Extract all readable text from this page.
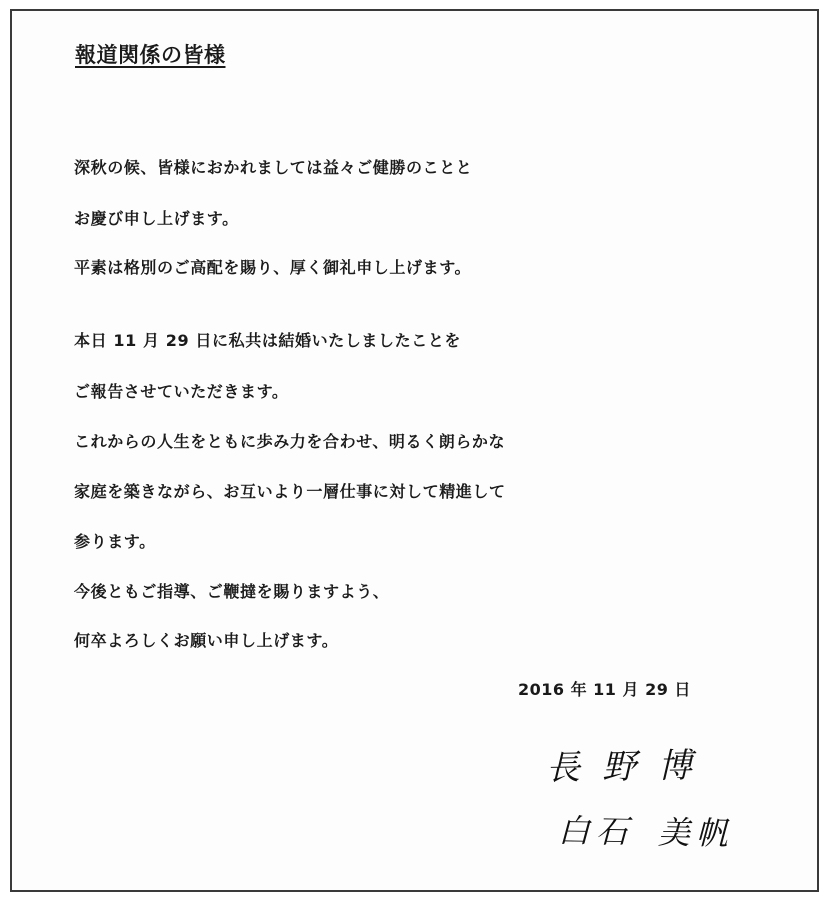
報道関係の皆様

深秋の候、皆様におかれましては益々ご健勝のことと

お慶び申し上げます。

平素は格別のご高配を賜り、厚く御礼申し上げます。

本日 11 月 29 日に私共は結婚いたしましたことを

ご報告させていただきます。

これからの人生をともに歩み力を合わせ、明るく朗らかな

家庭を築きながら、お互いより一層仕事に対して精進して

参ります。

今後ともご指導、ご鞭撻を賜りますよう、

何卒よろしくお願い申し上げます。

2016 年 11 月 29 日
長野博
白石 美帆
